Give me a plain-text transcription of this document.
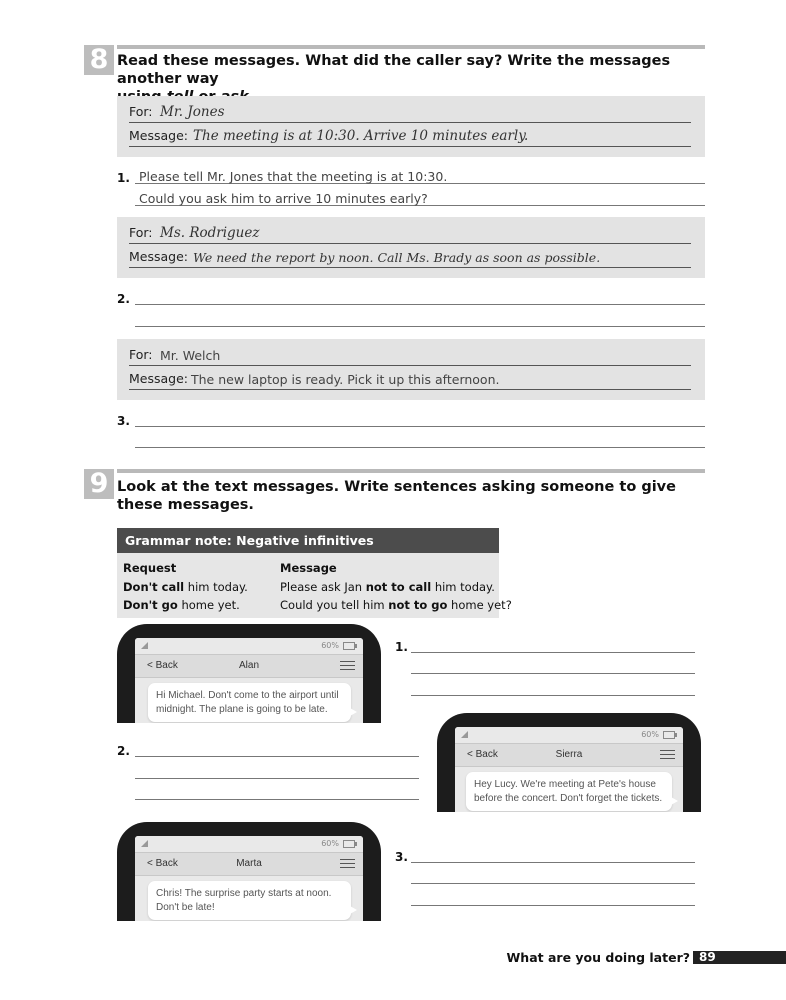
8 Read these messages. What did the caller say? Write the messages another way
For: Mr. Jones
Message: The meeting is at 10:30. Arrive 10 minutes early.
1. Please tell Mr. Jones that the meeting is at 10:30.
Could you ask him to arrive 10 minutes early?
For: Ms. Rodriguez
Message: We need the report by noon. Call Ms. Brady as soon as possible.
2.
For: Mr. Welch
Message: The new laptop is ready. Pick it up this afternoon.
3.
9 Look at the text messages. Write sentences asking someone to give
these messages.
Grammar note: Negative infinitives
Request	Message
Don't call him today.	Please ask Jan not to call him today.
Don't go home yet.	Could you tell him not to go home yet?
60%
< Back	Alan
Hi Michael. Don't come to the airport until midnight. The plane is going to be late.
1.
60%
< Back	Sierra
Hey Lucy. We're meeting at Pete's house before the concert. Don't forget the tickets.
2.
60%
< Back	Marta
Chris! The surprise party starts at noon. Don't be late!
3.
What are you doing later? 89
